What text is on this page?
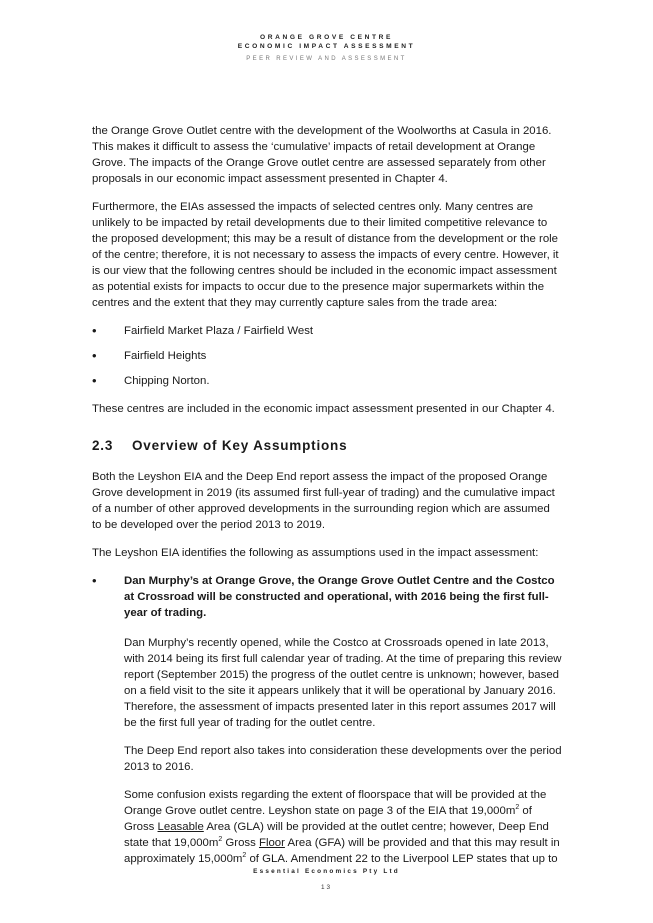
ORANGE GROVE CENTRE
ECONOMIC IMPACT ASSESSMENT
PEER REVIEW AND ASSESSMENT

the Orange Grove Outlet centre with the development of the Woolworths at Casula in 2016. This makes it difficult to assess the ‘cumulative’ impacts of retail development at Orange Grove. The impacts of the Orange Grove outlet centre are assessed separately from other proposals in our economic impact assessment presented in Chapter 4.

Furthermore, the EIAs assessed the impacts of selected centres only. Many centres are unlikely to be impacted by retail developments due to their limited competitive relevance to the proposed development; this may be a result of distance from the development or the role of the centre; therefore, it is not necessary to assess the impacts of every centre. However, it is our view that the following centres should be included in the economic impact assessment as potential exists for impacts to occur due to the presence major supermarkets within the centres and the extent that they may currently capture sales from the trade area:

• Fairfield Market Plaza / Fairfield West
• Fairfield Heights
• Chipping Norton.

These centres are included in the economic impact assessment presented in our Chapter 4.

2.3 Overview of Key Assumptions

Both the Leyshon EIA and the Deep End report assess the impact of the proposed Orange Grove development in 2019 (its assumed first full-year of trading) and the cumulative impact of a number of other approved developments in the surrounding region which are assumed to be developed over the period 2013 to 2019.

The Leyshon EIA identifies the following as assumptions used in the impact assessment:

• Dan Murphy’s at Orange Grove, the Orange Grove Outlet Centre and the Costco at Crossroad will be constructed and operational, with 2016 being the first full-year of trading.

Dan Murphy’s recently opened, while the Costco at Crossroads opened in late 2013, with 2014 being its first full calendar year of trading. At the time of preparing this review report (September 2015) the progress of the outlet centre is unknown; however, based on a field visit to the site it appears unlikely that it will be operational by January 2016. Therefore, the assessment of impacts presented later in this report assumes 2017 will be the first full year of trading for the outlet centre.

The Deep End report also takes into consideration these developments over the period 2013 to 2016.

Some confusion exists regarding the extent of floorspace that will be provided at the Orange Grove outlet centre. Leyshon state on page 3 of the EIA that $19,000m^2$ of Gross Leasable Area (GLA) will be provided at the outlet centre; however, Deep End state that $19,000m^2$ Gross Floor Area (GFA) will be provided and that this may result in approximately $15,000m^2$ of GLA. Amendment 22 to the Liverpool LEP states that up to

Essential Economics Pty Ltd
13
